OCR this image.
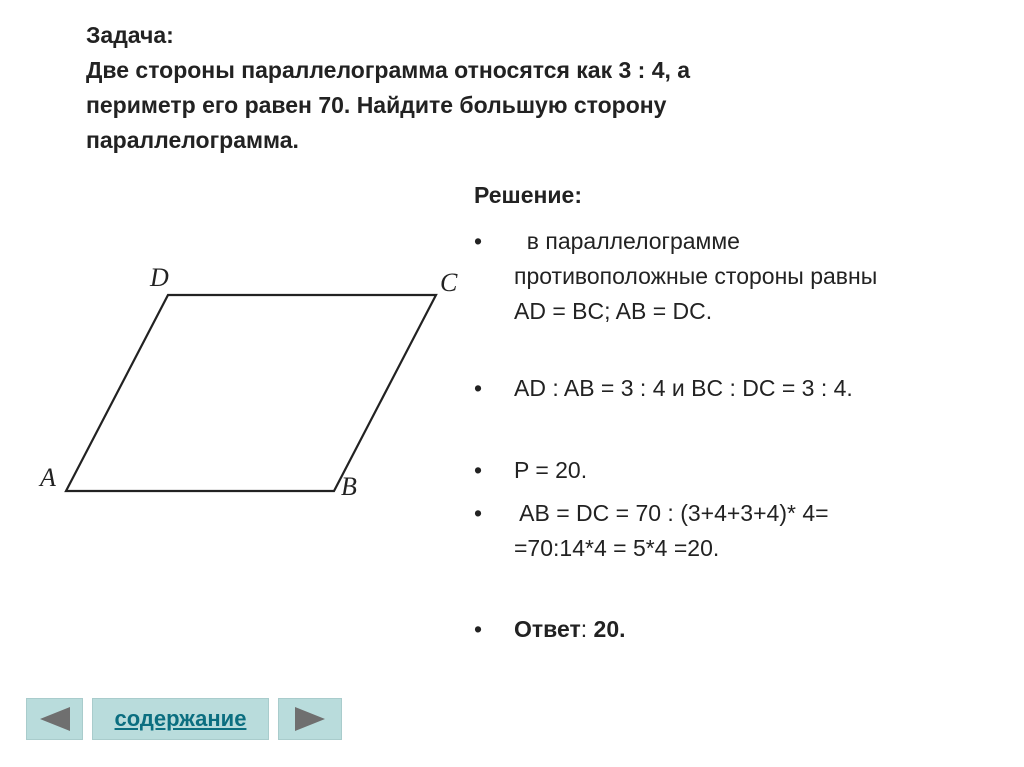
Задача:
Две стороны параллелограмма относятся как 3 : 4, а
периметр его равен 70. Найдите большую сторону
параллелограмма.
A	B
C
D
Решение:
• в параллелограмме
противоположные стороны равны
AD = BC; AB = DC.
• AD : AB = 3 : 4 и BC : DC = 3 : 4.
• P = 20.
• AB = DC = 70 : (3+4+3+4)* 4=
=70:14*4 = 5*4 =20.
• Ответ: 20.
содержание
